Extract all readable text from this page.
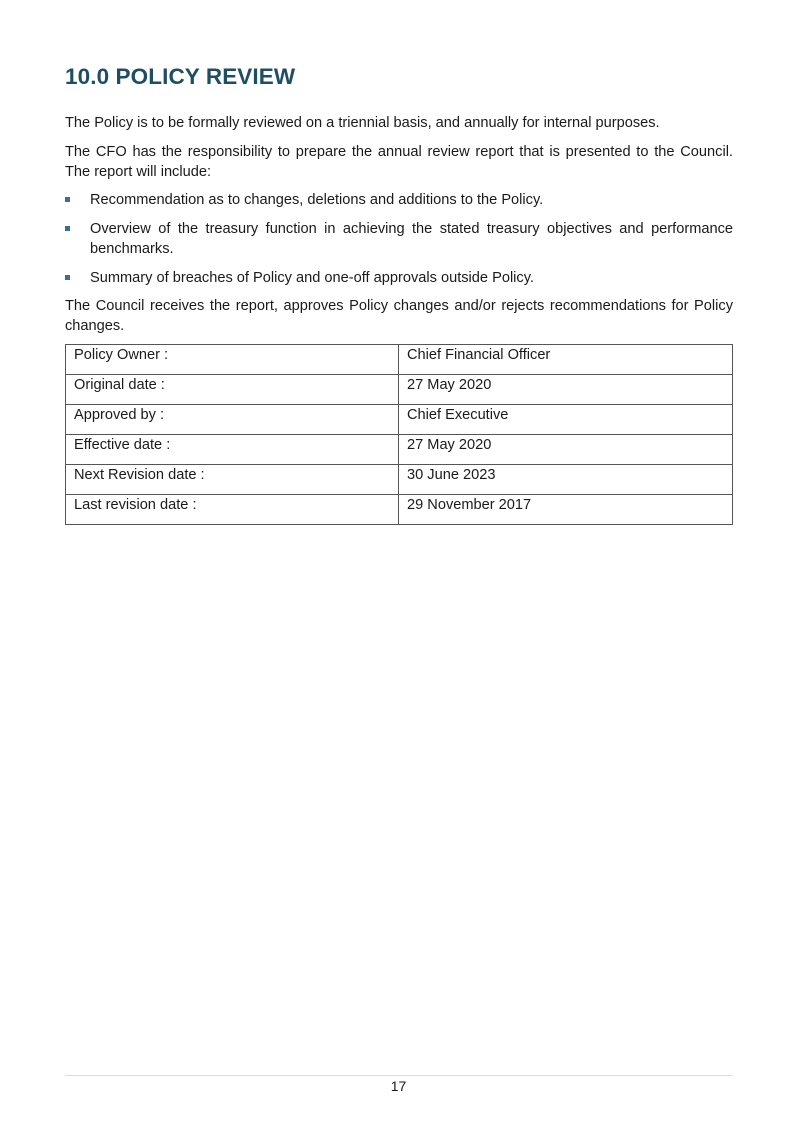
10.0 POLICY REVIEW

The Policy is to be formally reviewed on a triennial basis, and annually for internal purposes.

The CFO has the responsibility to prepare the annual review report that is presented to the Council. The report will include:

Recommendation as to changes, deletions and additions to the Policy.

Overview of the treasury function in achieving the stated treasury objectives and performance benchmarks.

Summary of breaches of Policy and one-off approvals outside Policy.

The Council receives the report, approves Policy changes and/or rejects recommendations for Policy changes.

Policy Owner :	Chief Financial Officer
Original date :	27 May 2020
Approved by :	Chief Executive
Effective date :	27 May 2020
Next Revision date :	30 June 2023
Last revision date :	29 November 2017
17
